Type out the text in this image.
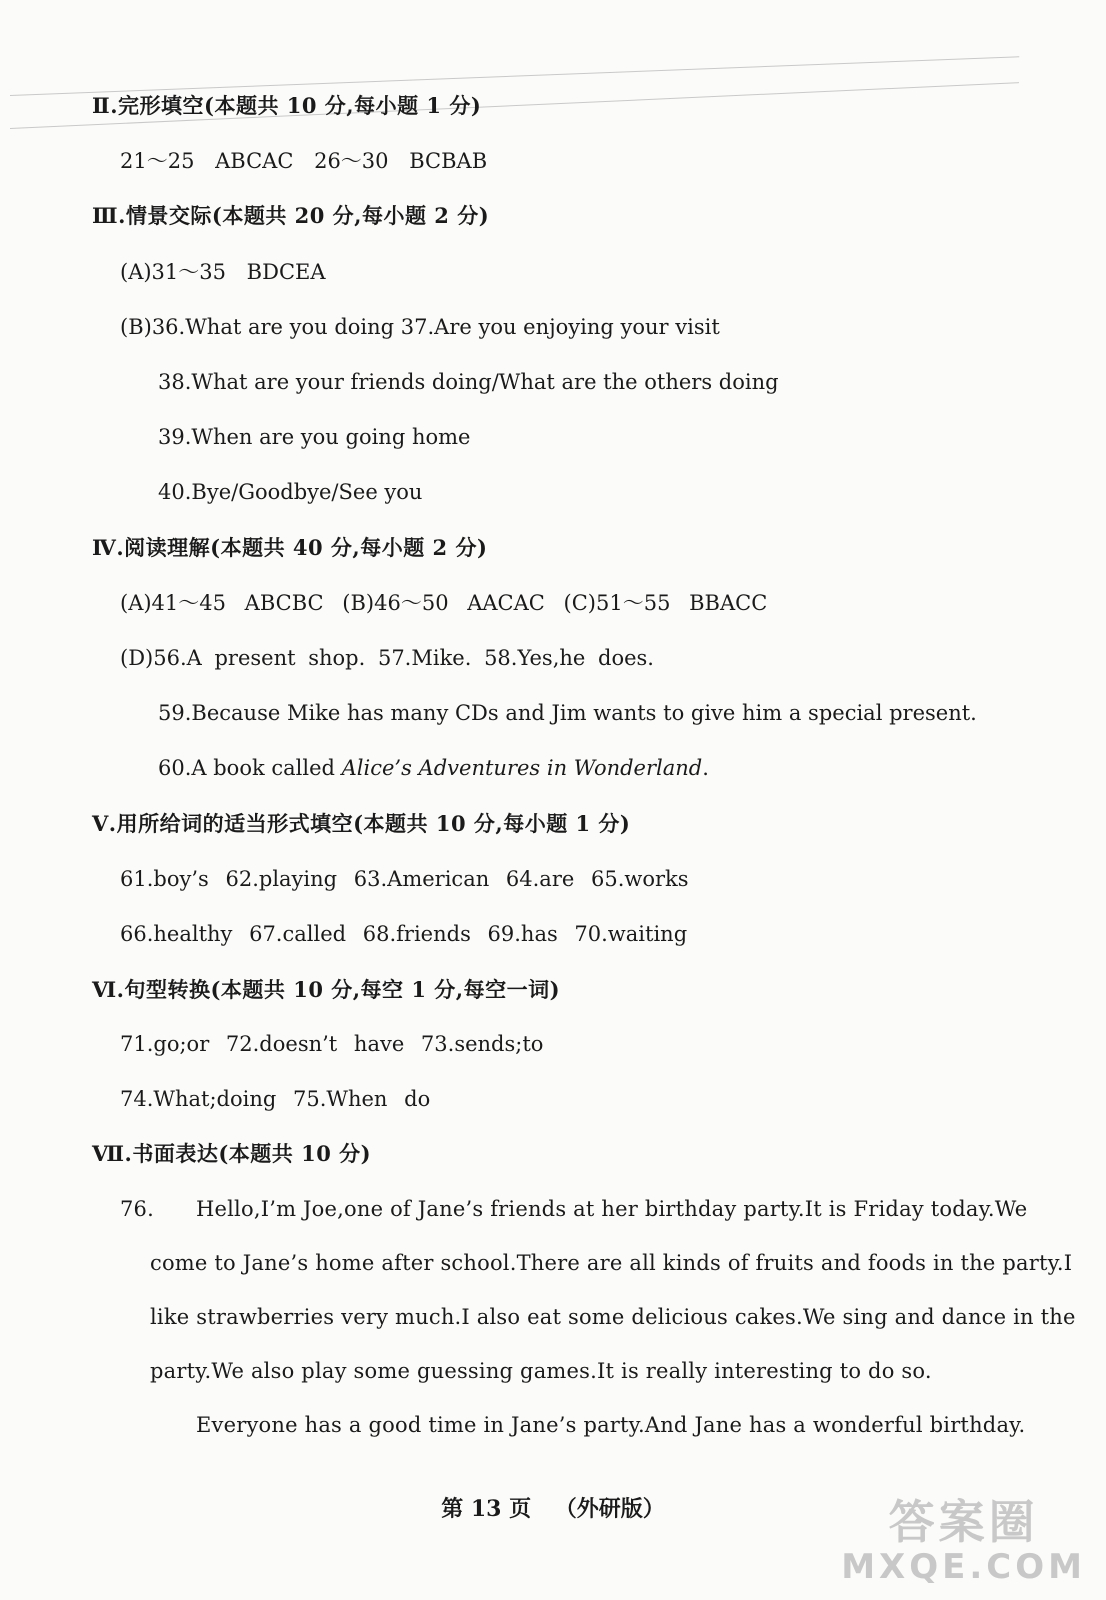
Ⅱ.完形填空(本题共 10 分,每小题 1 分)
21～25 ABCAC 26～30 BCBAB
Ⅲ.情景交际(本题共 20 分,每小题 2 分)
(A)31～35 BDCEA
(B)36.What are you doing 37.Are you enjoying your visit
38.What are your friends doing/What are the others doing
39.When are you going home
40.Bye/Goodbye/See you
Ⅳ.阅读理解(本题共 40 分,每小题 2 分)
(A)41～45 ABCBC (B)46～50 AACAC (C)51～55 BBACC
(D)56.A present shop. 57.Mike. 58.Yes,he does.
59.Because Mike has many CDs and Jim wants to give him a special present.
60.A book called Alice’s Adventures in Wonderland.
Ⅴ.用所给词的适当形式填空(本题共 10 分,每小题 1 分)
61.boy’s 62.playing 63.American 64.are 65.works
66.healthy 67.called 68.friends 69.has 70.waiting
Ⅵ.句型转换(本题共 10 分,每空 1 分,每空一词)
71.go;or 72.doesn’t have 73.sends;to
74.What;doing 75.When do
Ⅶ.书面表达(本题共 10 分)
76. Hello,I’m Joe,one of Jane’s friends at her birthday party.It is Friday today.We
come to Jane’s home after school.There are all kinds of fruits and foods in the party.I
like strawberries very much.I also eat some delicious cakes.We sing and dance in the
party.We also play some guessing games.It is really interesting to do so.
Everyone has a good time in Jane’s party.And Jane has a wonderful birthday.
第 13 页 （外研版）	答案圈
MXQE.COM
